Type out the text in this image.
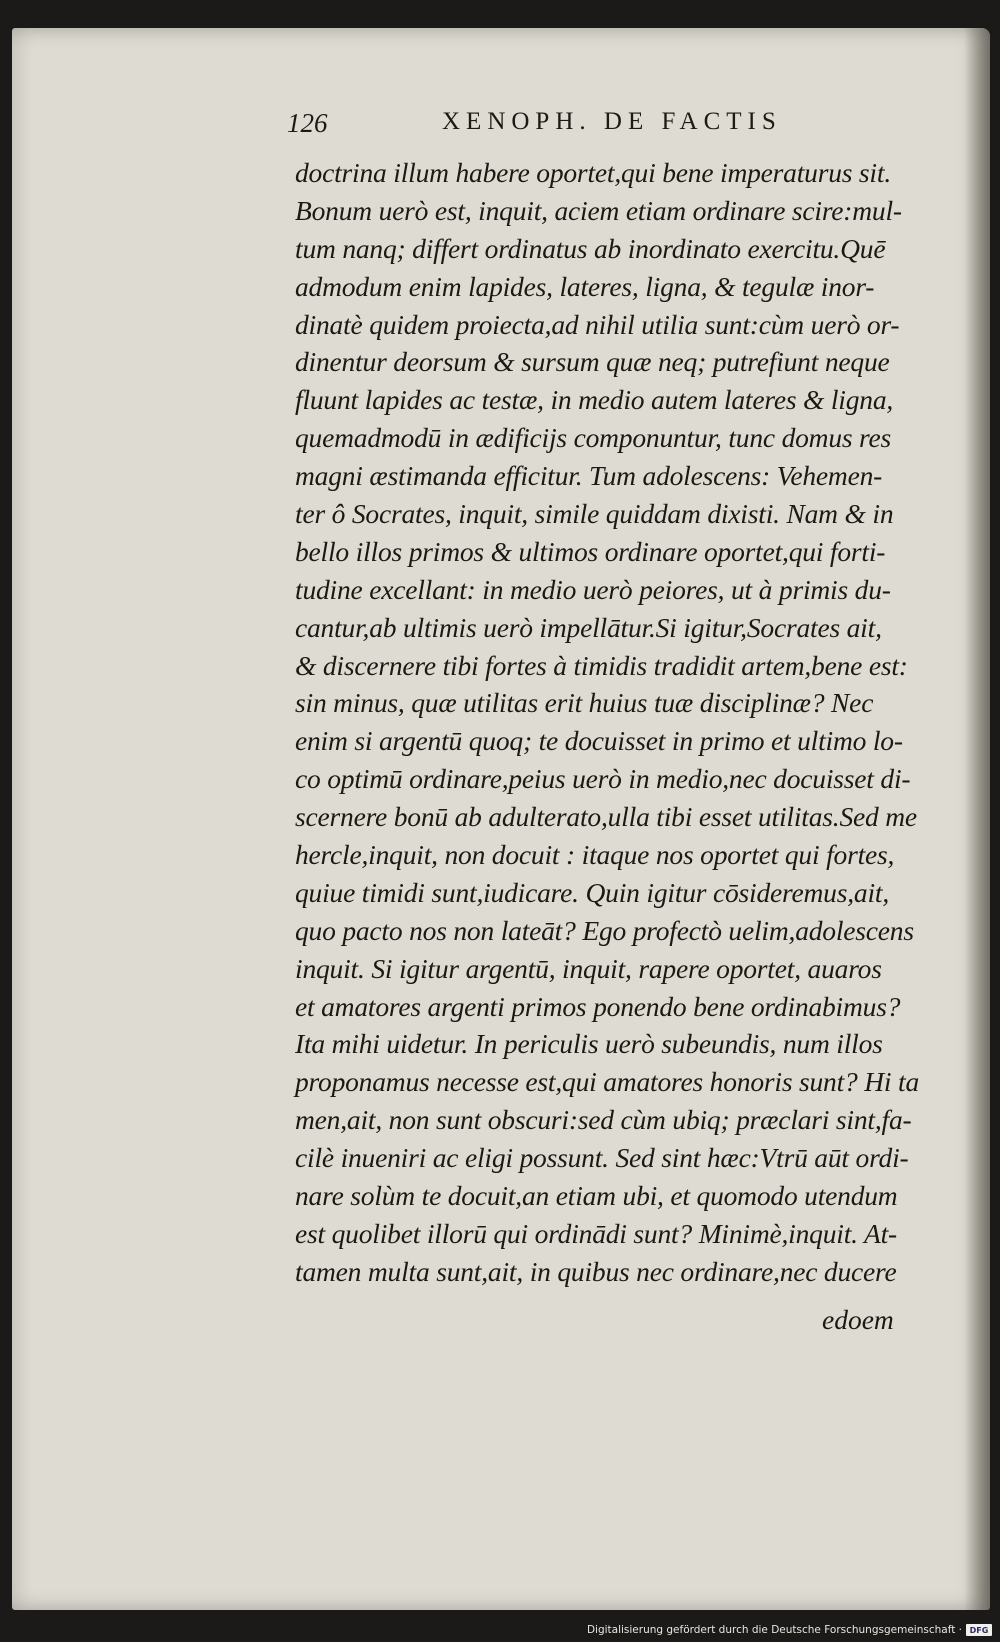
126	XENOPH. DE FACTIS
doctrina illum habere oportet,qui bene imperaturus sit.
Bonum uerò est, inquit, aciem etiam ordinare scire:mul-
tum nanq; differt ordinatus ab inordinato exercitu.Quē
admodum enim lapides, lateres, ligna, & tegulæ inor-
dinatè quidem proiecta,ad nihil utilia sunt:cùm uerò or-
dinentur deorsum & sursum quæ neq; putrefiunt neque
fluunt lapides ac testæ, in medio autem lateres & ligna,
quemadmodū in ædificijs componuntur, tunc domus res
magni æstimanda efficitur. Tum adolescens: Vehemen-
ter ô Socrates, inquit, simile quiddam dixisti. Nam & in
bello illos primos & ultimos ordinare oportet,qui forti-
tudine excellant: in medio uerò peiores, ut à primis du-
cantur,ab ultimis uerò impellātur.Si igitur,Socrates ait,
& discernere tibi fortes à timidis tradidit artem,bene est:
sin minus, quæ utilitas erit huius tuæ disciplinæ? Nec
enim si argentū quoq; te docuisset in primo et ultimo lo-
co optimū ordinare,peius uerò in medio,nec docuisset di-
scernere bonū ab adulterato,ulla tibi esset utilitas.Sed me
hercle,inquit, non docuit : itaque nos oportet qui fortes,
quiue timidi sunt,iudicare. Quin igitur cōsideremus,ait,
quo pacto nos non lateāt? Ego profectò uelim,adolescens
inquit. Si igitur argentū, inquit, rapere oportet, auaros
et amatores argenti primos ponendo bene ordinabimus?
Ita mihi uidetur. In periculis uerò subeundis, num illos
proponamus necesse est,qui amatores honoris sunt? Hi ta
men,ait, non sunt obscuri:sed cùm ubiq; præclari sint,fa-
cilè inueniri ac eligi possunt. Sed sint hæc:Vtrū aūt ordi-
nare solùm te docuit,an etiam ubi, et quomodo utendum
est quolibet illorū qui ordinādi sunt? Minimè,inquit. At-
tamen multa sunt,ait, in quibus nec ordinare,nec ducere
edoem
Digitalisierung gefördert durch die Deutsche Forschungsgemeinschaft · DFG
